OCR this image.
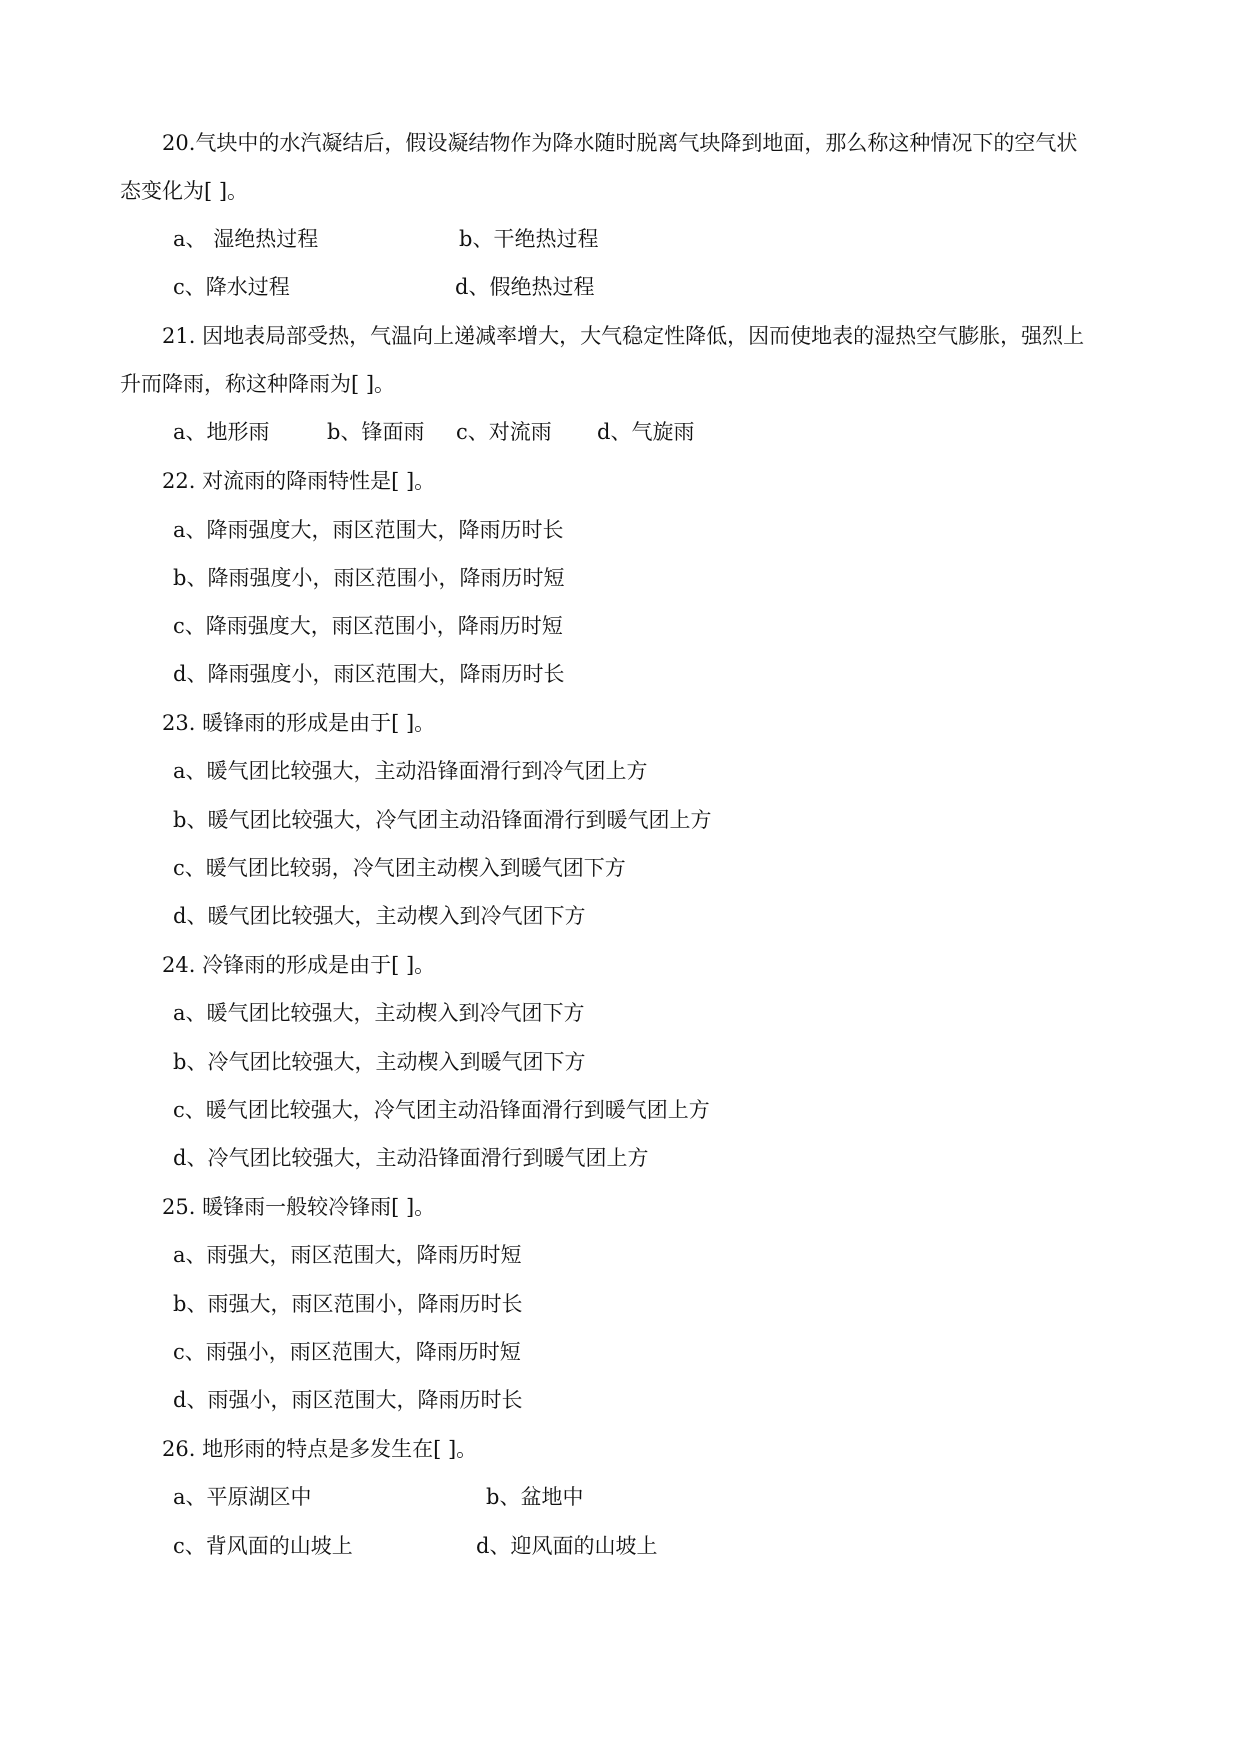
20.气块中的水汽凝结后，假设凝结物作为降水随时脱离气块降到地面，那么称这种情况下的空气状
态变化为[ ]。
a、 湿绝热过程	b、干绝热过程
c、降水过程	d、假绝热过程
21. 因地表局部受热，气温向上递减率增大，大气稳定性降低，因而使地表的湿热空气膨胀，强烈上
升而降雨，称这种降雨为[ ]。
a、地形雨	b、锋面雨 c、对流雨 d、气旋雨
22. 对流雨的降雨特性是[ ]。
a、降雨强度大，雨区范围大，降雨历时长
b、降雨强度小，雨区范围小，降雨历时短
c、降雨强度大，雨区范围小，降雨历时短
d、降雨强度小，雨区范围大，降雨历时长
23. 暖锋雨的形成是由于[ ]。
a、暖气团比较强大，主动沿锋面滑行到冷气团上方
b、暖气团比较强大，冷气团主动沿锋面滑行到暖气团上方
c、暖气团比较弱，冷气团主动楔入到暖气团下方
d、暖气团比较强大，主动楔入到冷气团下方
24. 冷锋雨的形成是由于[ ]。
a、暖气团比较强大，主动楔入到冷气团下方
b、冷气团比较强大，主动楔入到暖气团下方
c、暖气团比较强大，冷气团主动沿锋面滑行到暖气团上方
d、冷气团比较强大，主动沿锋面滑行到暖气团上方
25. 暖锋雨一般较冷锋雨[ ]。
a、雨强大，雨区范围大，降雨历时短
b、雨强大，雨区范围小，降雨历时长
c、雨强小，雨区范围大，降雨历时短
d、雨强小，雨区范围大，降雨历时长
26. 地形雨的特点是多发生在[ ]。
a、平原湖区中	b、盆地中
c、背风面的山坡上	d、迎风面的山坡上
